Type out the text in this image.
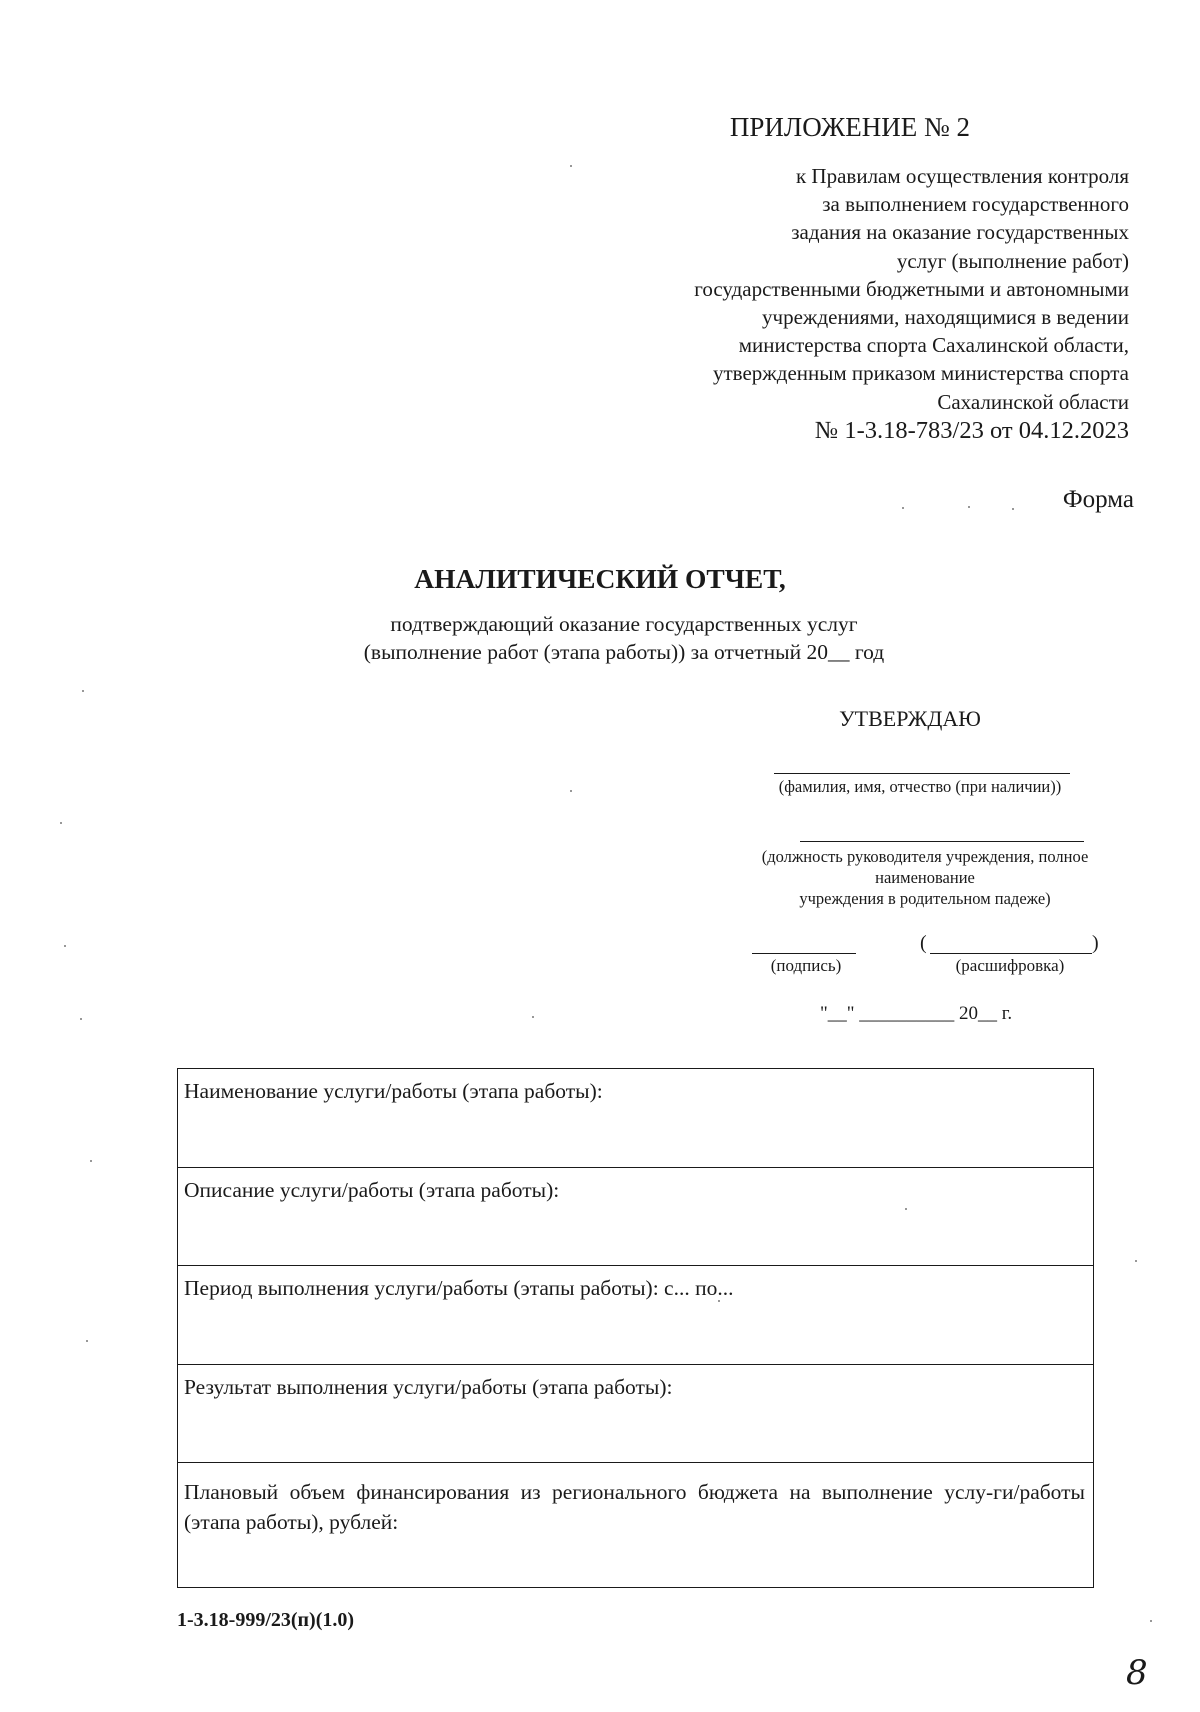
ПРИЛОЖЕНИЕ № 2
к Правилам осуществления контроля
за выполнением государственного
задания на оказание государственных
услуг (выполнение работ)
государственными бюджетными и автономными
учреждениями, находящимися в ведении
министерства спорта Сахалинской области,
утвержденным приказом министерства спорта
Сахалинской области
№ 1-3.18-783/23 от 04.12.2023
Форма
АНАЛИТИЧЕСКИЙ ОТЧЕТ,
подтверждающий оказание государственных услуг
(выполнение работ (этапа работы)) за отчетный 20__ год
УТВЕРЖДАЮ
(фамилия, имя, отчество (при наличии))
(должность руководителя учреждения, полное
наименование
учреждения в родительном падеже)
(подпись)
(	)
(расшифровка)
"__" __________ 20__ г.
Наименование услуги/работы (этапа работы):
Описание услуги/работы (этапа работы):
Период выполнения услуги/работы (этапы работы): с... по...
Результат выполнения услуги/работы (этапа работы):
Плановый объем финансирования из регионального бюджета на выполнение услу-ги/работы (этапа работы), рублей:
1-3.18-999/23(п)(1.0)
8
